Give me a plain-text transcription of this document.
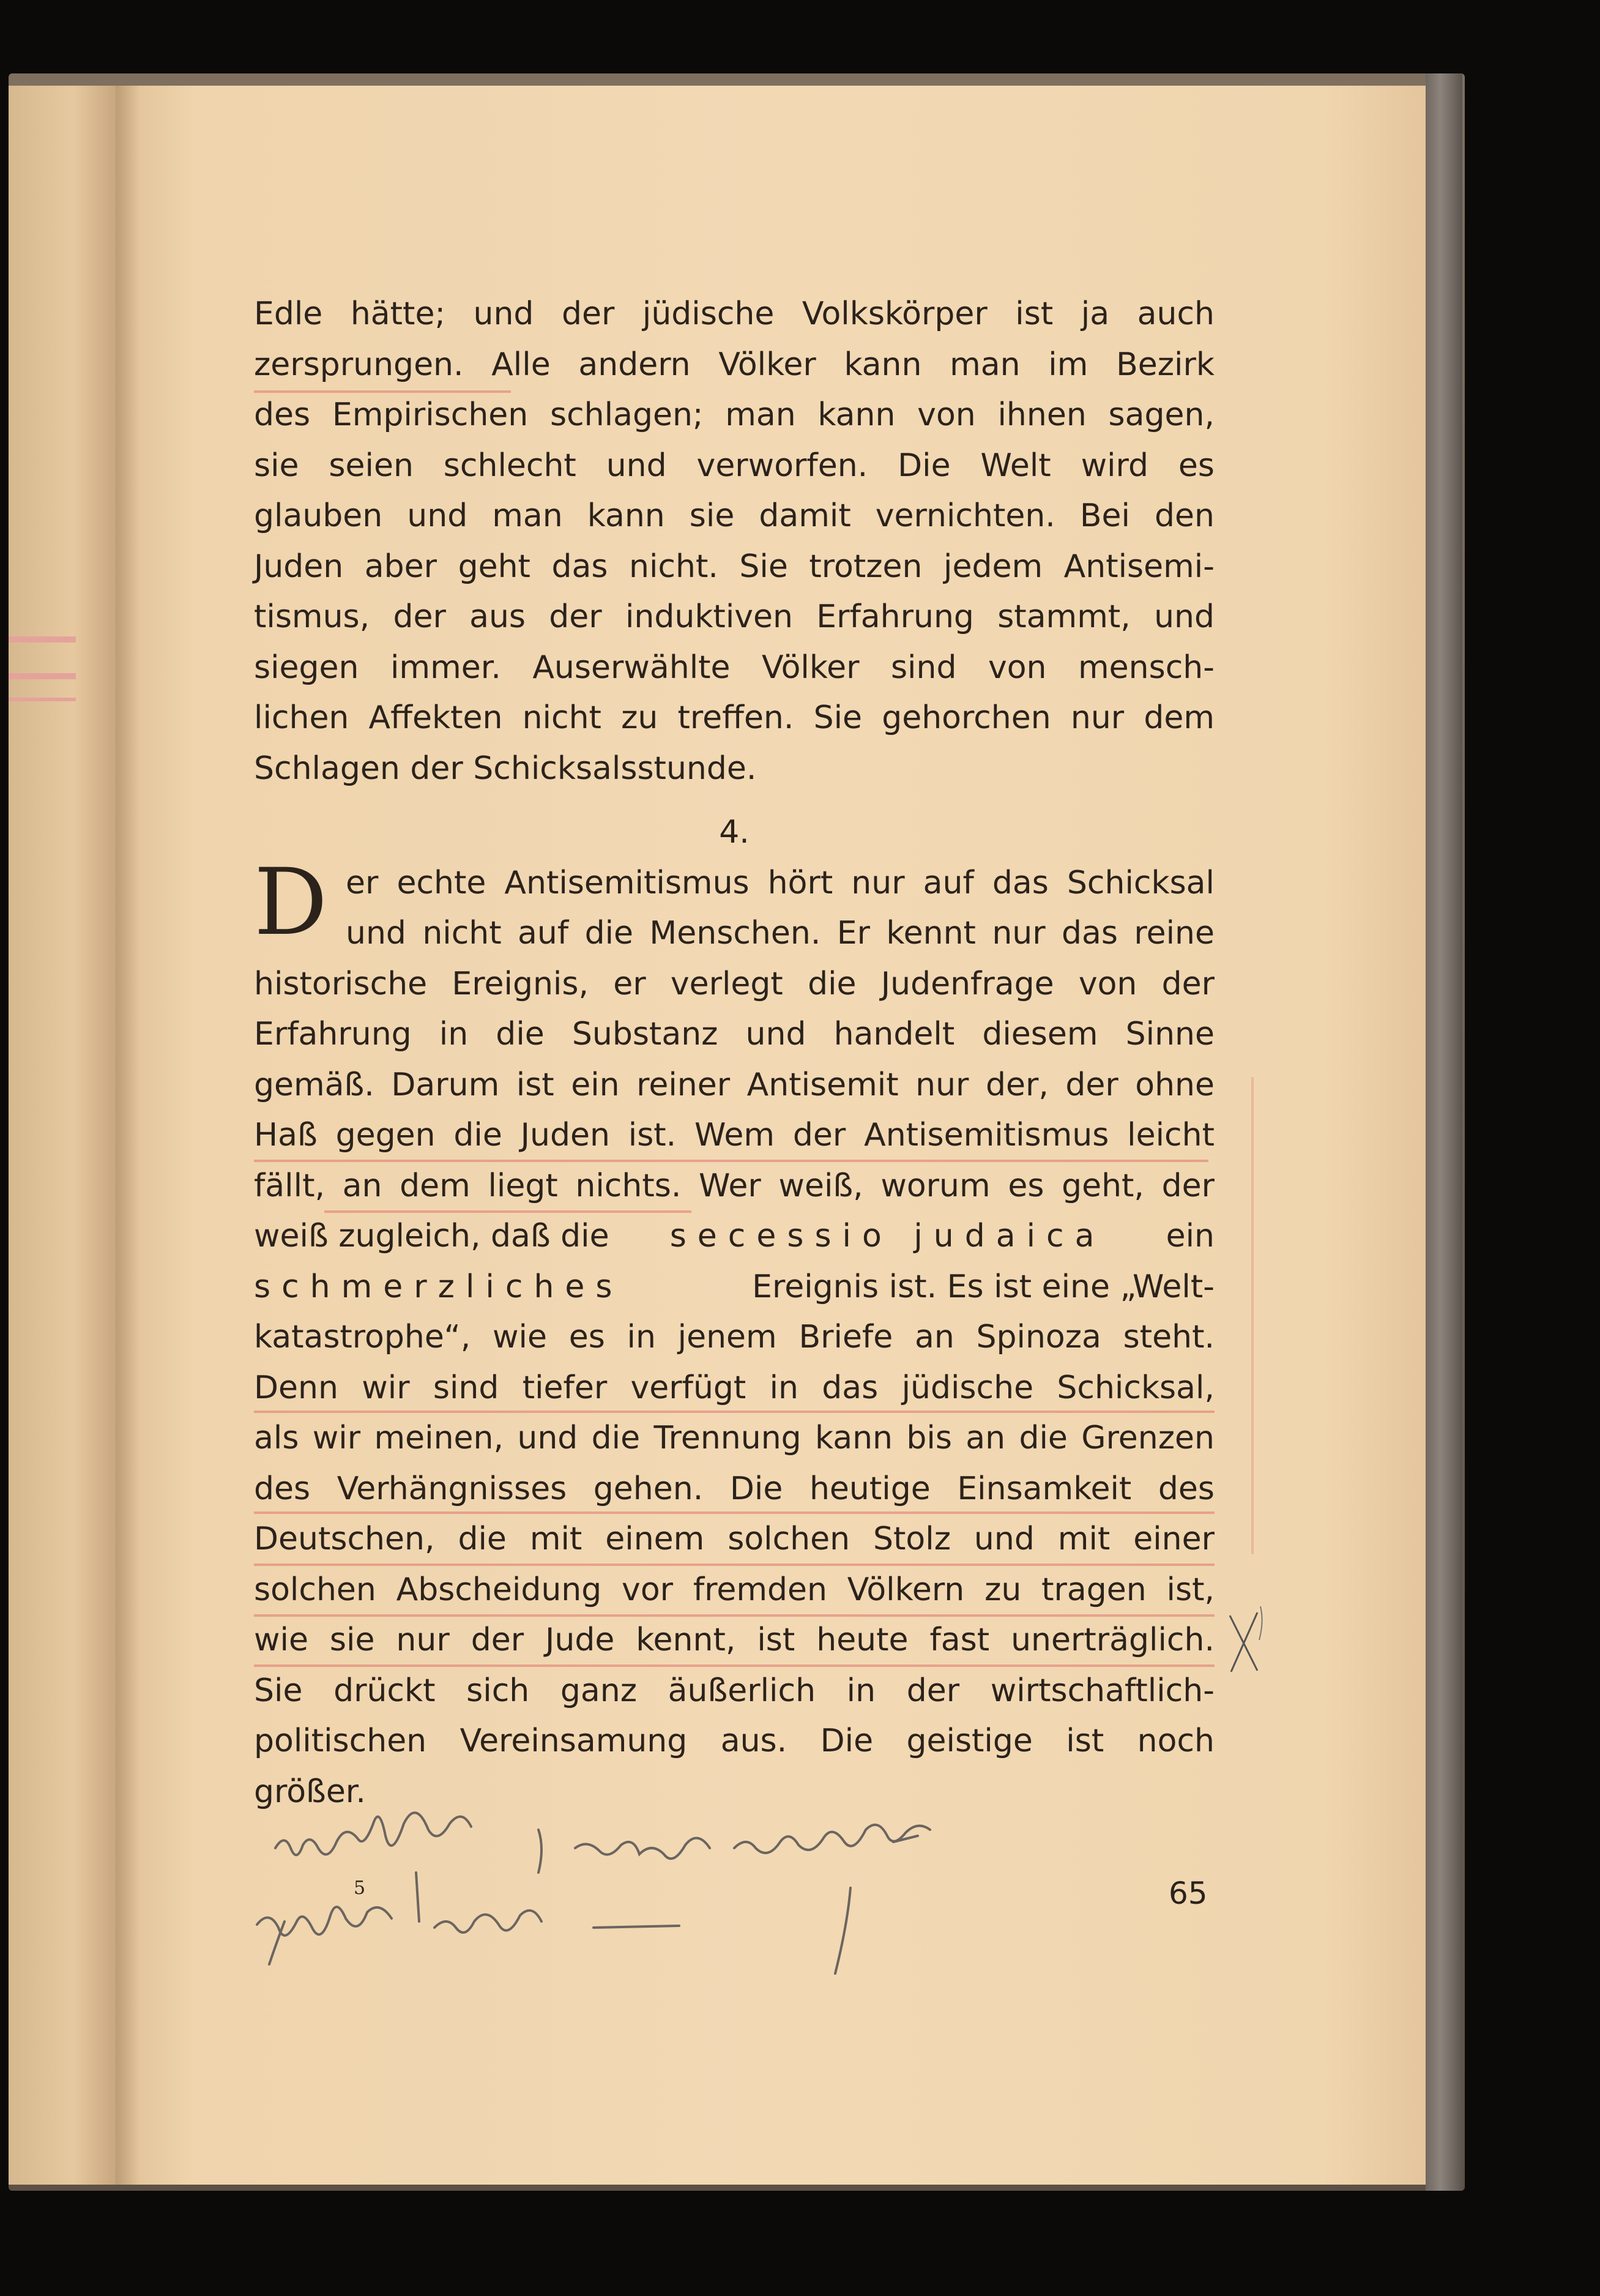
Edle hätte; und der jüdische Volkskörper ist ja auch
zersprungen. Alle andern Völker kann man im Bezirk
des Empirischen schlagen; man kann von ihnen sagen,
sie seien schlecht und verworfen. Die Welt wird es
glauben und man kann sie damit vernichten. Bei den
Juden aber geht das nicht. Sie trotzen jedem Antisemi-
tismus, der aus der induktiven Erfahrung stammt, und
siegen immer. Auserwählte Völker sind von mensch-
lichen Affekten nicht zu treffen. Sie gehorchen nur dem
Schlagen der Schicksalsstunde.
4.
er echte Antisemitismus hört nur auf das Schicksal
und nicht auf die Menschen. Er kennt nur das reine
historische Ereignis, er verlegt die Judenfrage von der
Erfahrung in die Substanz und handelt diesem Sinne
gemäß. Darum ist ein reiner Antisemit nur der, der ohne
Haß gegen die Juden ist. Wem der Antisemitismus leicht
fällt, an dem liegt nichts. Wer weiß, worum es geht, der
weiß zugleich, daß die secessio judaica ein
schmerzliches	Ereignis ist. Es ist eine „Welt-
katastrophe“, wie es in jenem Briefe an Spinoza steht.
Denn wir sind tiefer verfügt in das jüdische Schicksal,
als wir meinen, und die Trennung kann bis an die Grenzen
des Verhängnisses gehen. Die heutige Einsamkeit des
Deutschen, die mit einem solchen Stolz und mit einer
solchen Abscheidung vor fremden Völkern zu tragen ist,
wie sie nur der Jude kennt, ist heute fast unerträglich.
Sie drückt sich ganz äußerlich in der wirtschaftlich-
politischen Vereinsamung aus. Die geistige ist noch
größer.
D
5	65
